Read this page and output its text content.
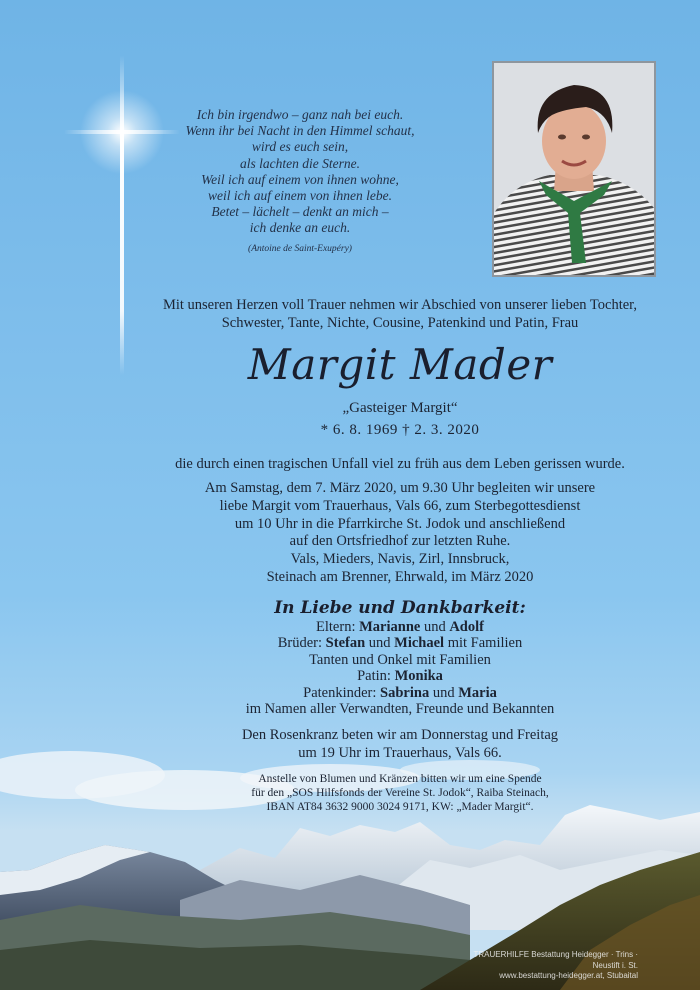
Ich bin irgendwo – ganz nah bei euch.
Wenn ihr bei Nacht in den Himmel schaut,
wird es euch sein,
als lachten die Sterne.
Weil ich auf einem von ihnen wohne,
weil ich auf einem von ihnen lebe.
Betet – lächelt – denkt an mich –
ich denke an euch.
(Antoine de Saint-Exupéry)
Mit unseren Herzen voll Trauer nehmen wir Abschied von unserer lieben Tochter,
Schwester, Tante, Nichte, Cousine, Patenkind und Patin, Frau
Margit Mader
„Gasteiger Margit“
* 6. 8. 1969 † 2. 3. 2020
die durch einen tragischen Unfall viel zu früh aus dem Leben gerissen wurde.
Am Samstag, dem 7. März 2020, um 9.30 Uhr begleiten wir unsere
liebe Margit vom Trauerhaus, Vals 66, zum Sterbegottesdienst
um 10 Uhr in die Pfarrkirche St. Jodok und anschließend
auf den Ortsfriedhof zur letzten Ruhe.
Vals, Mieders, Navis, Zirl, Innsbruck,
Steinach am Brenner, Ehrwald, im März 2020
In Liebe und Dankbarkeit:
Eltern: Marianne und Adolf
Brüder: Stefan und Michael mit Familien
Tanten und Onkel mit Familien
Patin: Monika
Patenkinder: Sabrina und Maria
im Namen aller Verwandten, Freunde und Bekannten
Den Rosenkranz beten wir am Donnerstag und Freitag
um 19 Uhr im Trauerhaus, Vals 66.
Anstelle von Blumen und Kränzen bitten wir um eine Spende
für den „SOS Hilfsfonds der Vereine St. Jodok“, Raiba Steinach,
IBAN AT84 3632 9000 3024 9171, KW: „Mader Margit“.
TRAUERHILFE Bestattung Heidegger · Trins · Neustift i. St.
www.bestattung-heidegger.at, Stubaital
